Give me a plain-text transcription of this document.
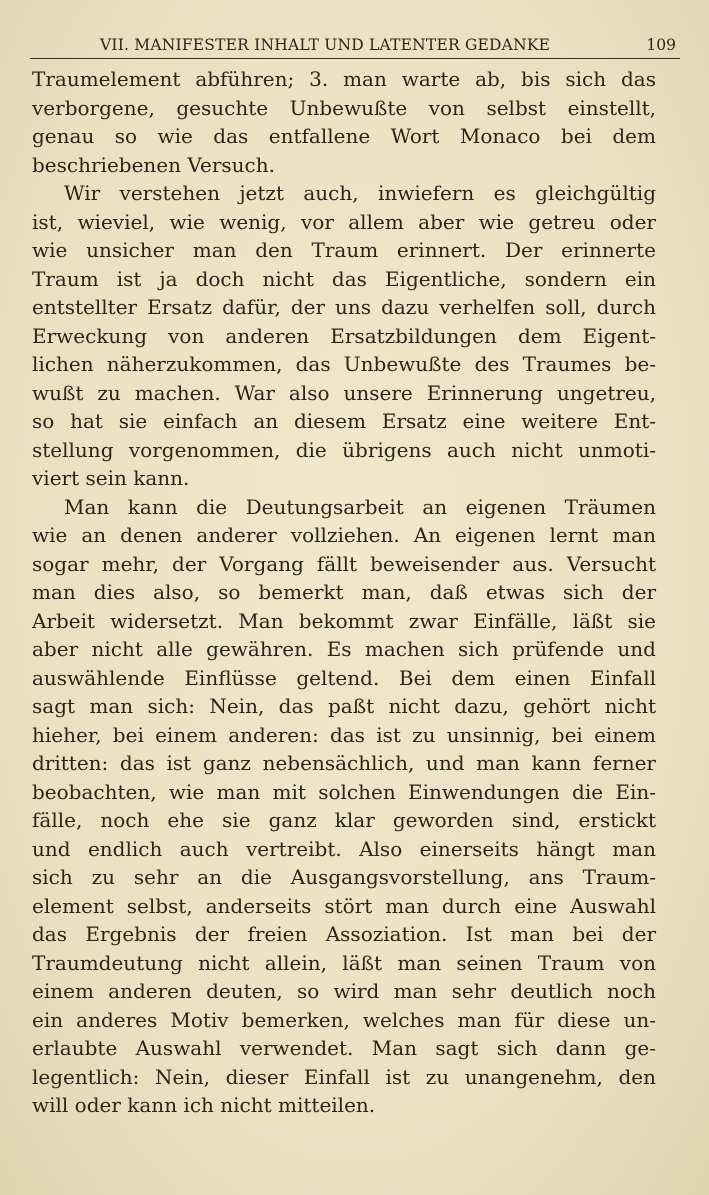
VII. MANIFESTER INHALT UND LATENTER GEDANKE	109
Traumelement abführen; 3. man warte ab, bis sich das
verborgene, gesuchte Unbewußte von selbst einstellt,
genau so wie das entfallene Wort Monaco bei dem
beschriebenen Versuch.
Wir verstehen jetzt auch, inwiefern es gleichgültig
ist, wieviel, wie wenig, vor allem aber wie getreu oder
wie unsicher man den Traum erinnert. Der erinnerte
Traum ist ja doch nicht das Eigentliche, sondern ein
entstellter Ersatz dafür, der uns dazu verhelfen soll, durch
Erweckung von anderen Ersatzbildungen dem Eigent-
lichen näherzukommen, das Unbewußte des Traumes be-
wußt zu machen. War also unsere Erinnerung ungetreu,
so hat sie einfach an diesem Ersatz eine weitere Ent-
stellung vorgenommen, die übrigens auch nicht unmoti-
viert sein kann.
Man kann die Deutungsarbeit an eigenen Träumen
wie an denen anderer vollziehen. An eigenen lernt man
sogar mehr, der Vorgang fällt beweisender aus. Versucht
man dies also, so bemerkt man, daß etwas sich der
Arbeit widersetzt. Man bekommt zwar Einfälle, läßt sie
aber nicht alle gewähren. Es machen sich prüfende und
auswählende Einflüsse geltend. Bei dem einen Einfall
sagt man sich: Nein, das paßt nicht dazu, gehört nicht
hieher, bei einem anderen: das ist zu unsinnig, bei einem
dritten: das ist ganz nebensächlich, und man kann ferner
beobachten, wie man mit solchen Einwendungen die Ein-
fälle, noch ehe sie ganz klar geworden sind, erstickt
und endlich auch vertreibt. Also einerseits hängt man
sich zu sehr an die Ausgangsvorstellung, ans Traum-
element selbst, anderseits stört man durch eine Auswahl
das Ergebnis der freien Assoziation. Ist man bei der
Traumdeutung nicht allein, läßt man seinen Traum von
einem anderen deuten, so wird man sehr deutlich noch
ein anderes Motiv bemerken, welches man für diese un-
erlaubte Auswahl verwendet. Man sagt sich dann ge-
legentlich: Nein, dieser Einfall ist zu unangenehm, den
will oder kann ich nicht mitteilen.
